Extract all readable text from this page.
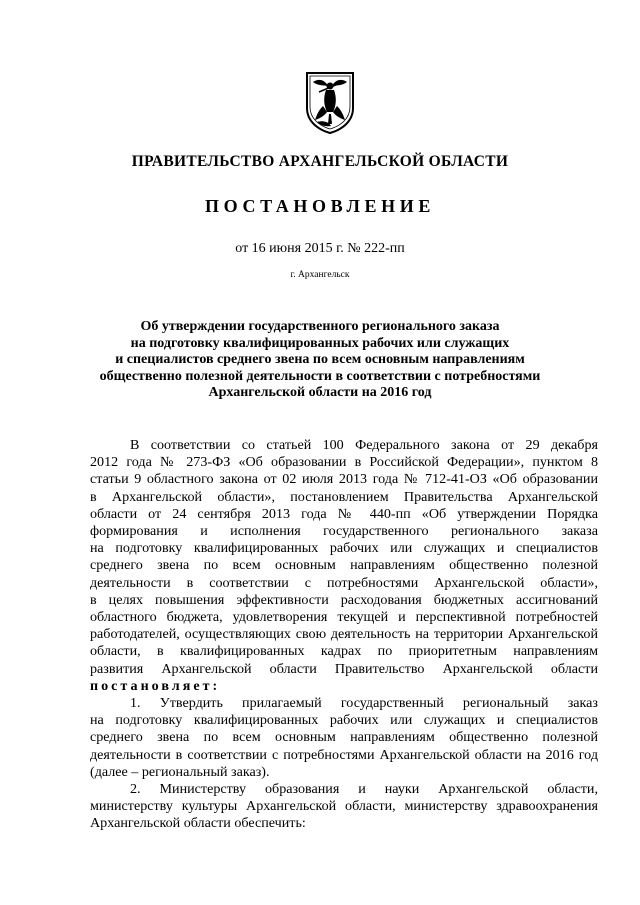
ПРАВИТЕЛЬСТВО АРХАНГЕЛЬСКОЙ ОБЛАСТИ
ПОСТАНОВЛЕНИЕ
от 16 июня 2015 г. № 222-пп
г. Архангельск
Об утверждении государственного регионального заказа
на подготовку квалифицированных рабочих или служащих
и специалистов среднего звена по всем основным направлениям
общественно полезной деятельности в соответствии с потребностями
Архангельской области на 2016 год
В соответствии со статьей 100 Федерального закона от 29 декабря
2012 года № 273-ФЗ «Об образовании в Российской Федерации», пунктом 8
статьи 9 областного закона от 02 июля 2013 года № 712-41-ОЗ «Об образовании
в Архангельской области», постановлением Правительства Архангельской
области от 24 сентября 2013 года № 440-пп «Об утверждении Порядка
формирования и исполнения государственного регионального заказа
на подготовку квалифицированных рабочих или служащих и специалистов
среднего звена по всем основным направлениям общественно полезной
деятельности в соответствии с потребностями Архангельской области»,
в целях повышения эффективности расходования бюджетных ассигнований
областного бюджета, удовлетворения текущей и перспективной потребностей
работодателей, осуществляющих свою деятельность на территории Архангельской
области, в квалифицированных кадрах по приоритетным направлениям
развития Архангельской области Правительство Архангельской области
постановляет:
1. Утвердить прилагаемый государственный региональный заказ
на подготовку квалифицированных рабочих или служащих и специалистов
среднего звена по всем основным направлениям общественно полезной
деятельности в соответствии с потребностями Архангельской области на 2016 год
(далее – региональный заказ).
2. Министерству образования и науки Архангельской области,
министерству культуры Архангельской области, министерству здравоохранения
Архангельской области обеспечить:
